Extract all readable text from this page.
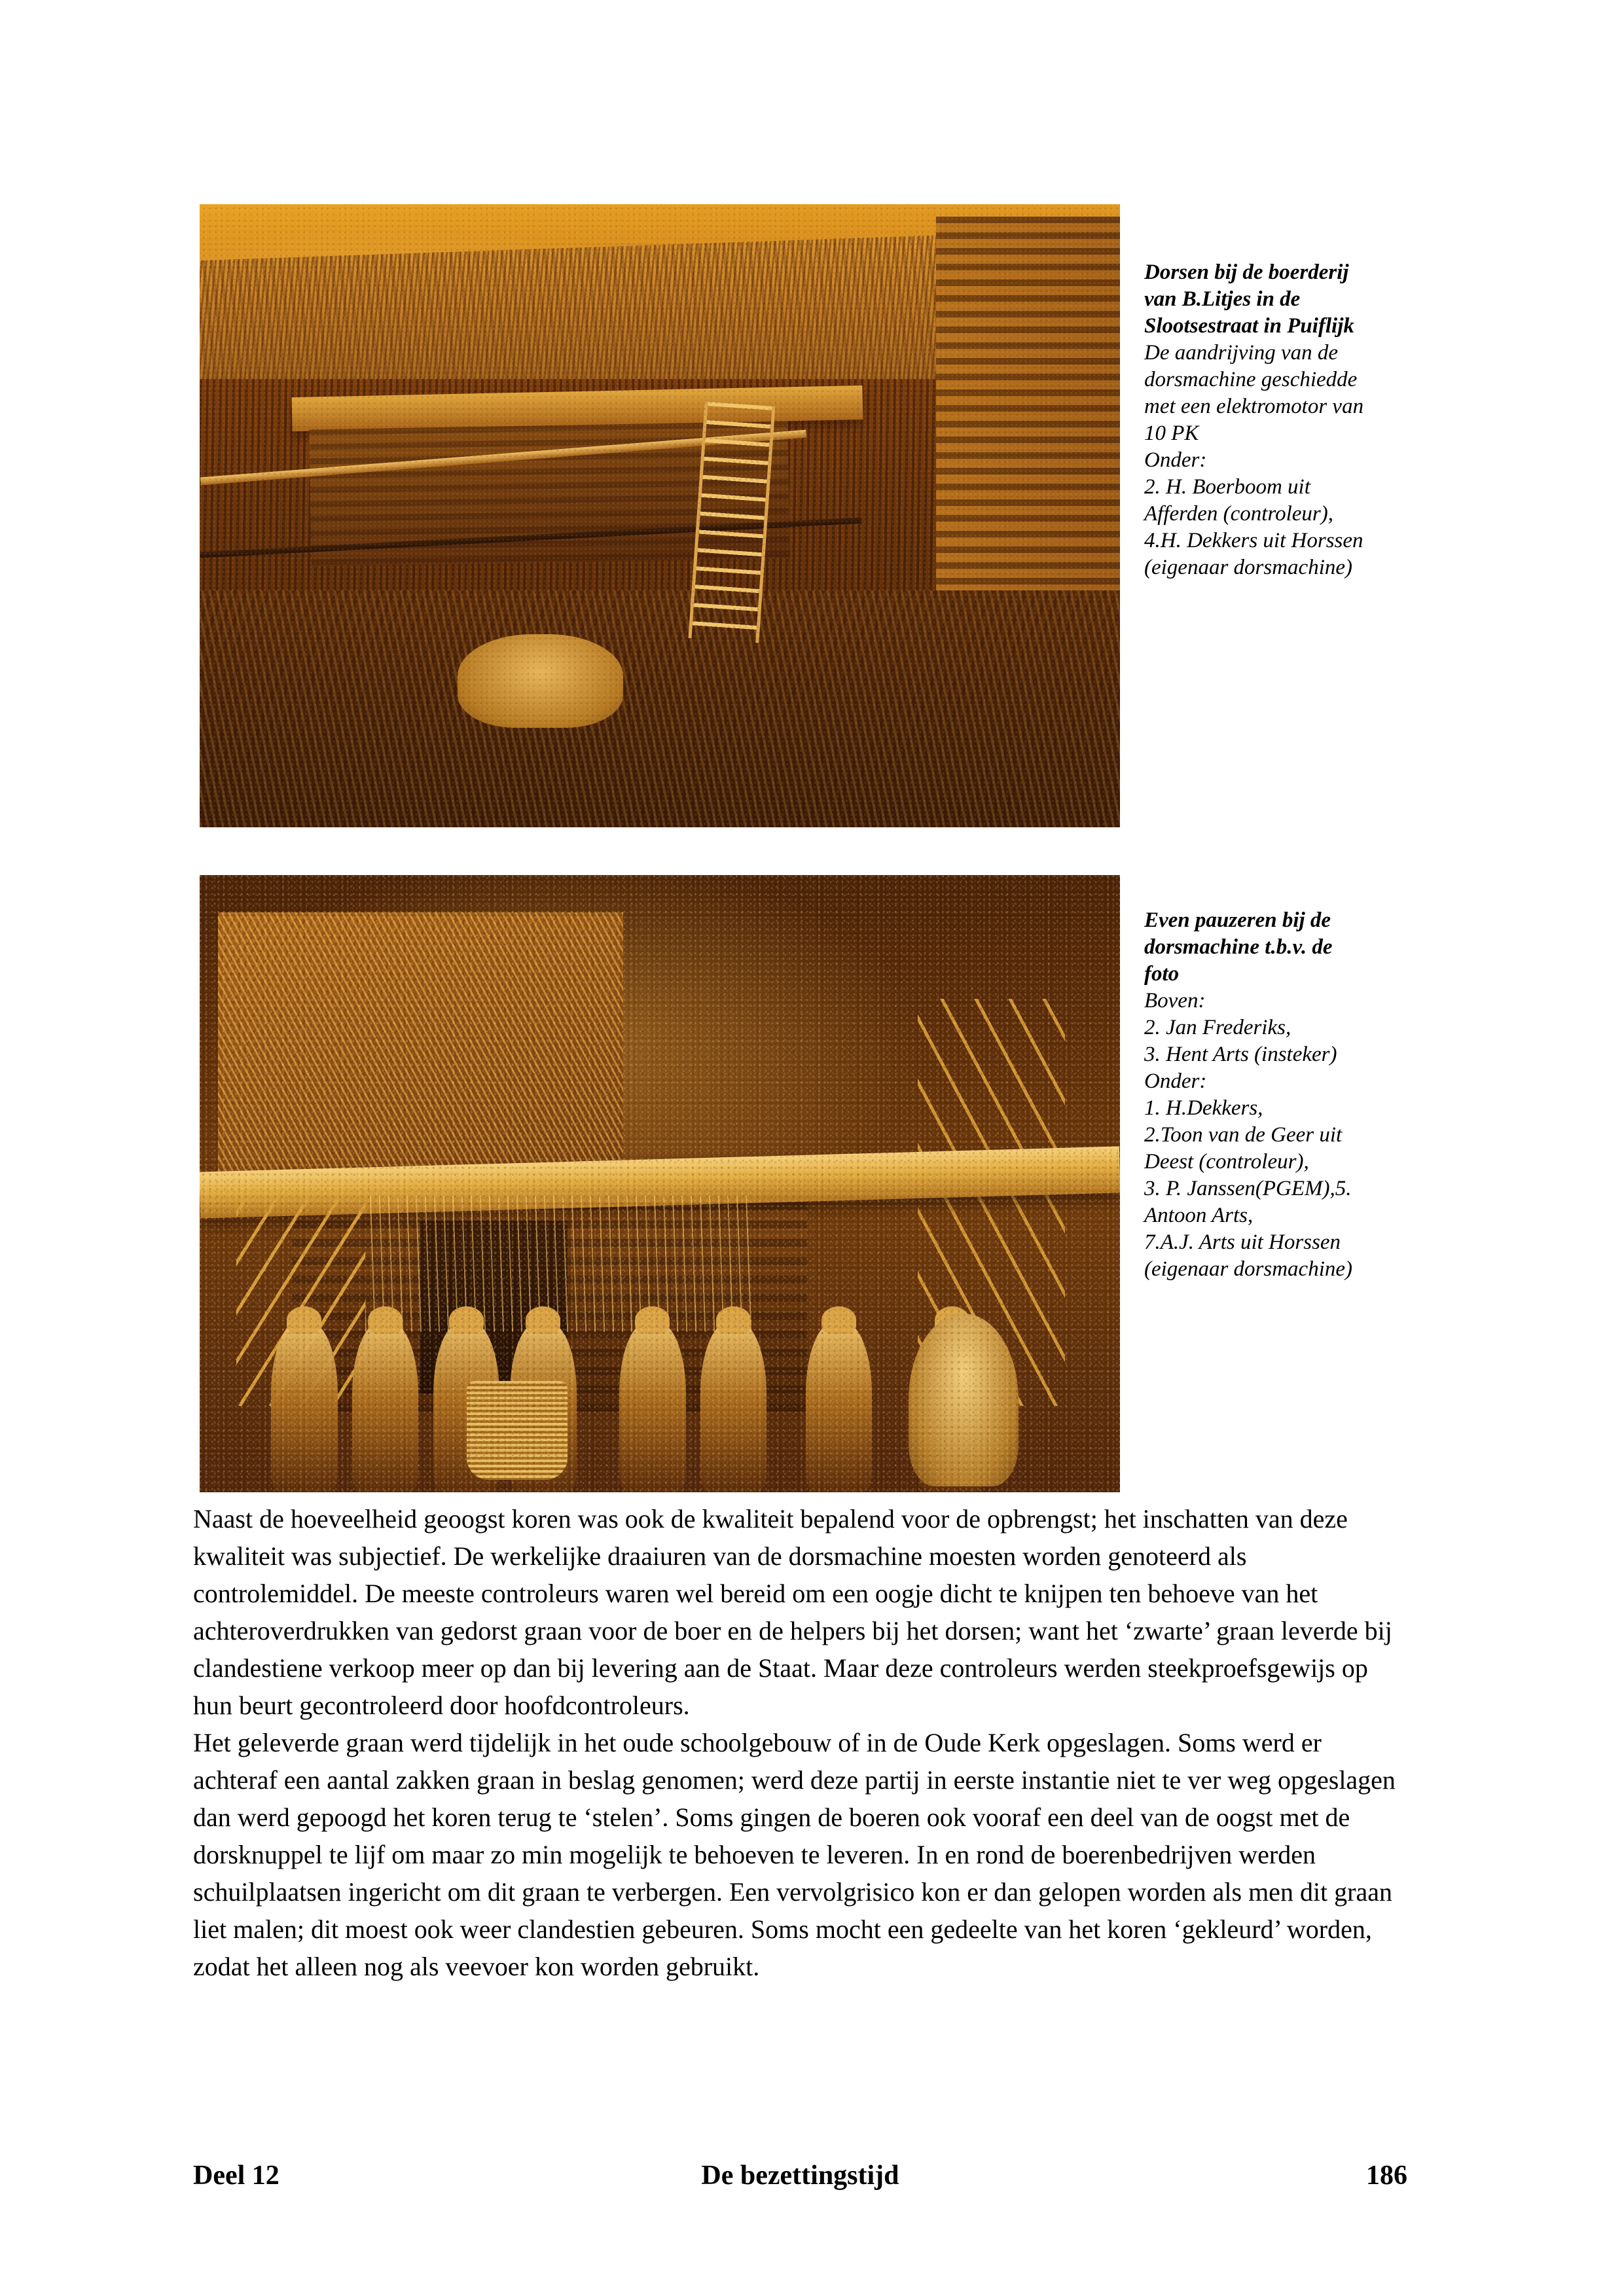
Dorsen bij de boerderij
van B.Litjes in de
Slootsestraat in Puiflijk
De aandrijving van de
dorsmachine geschiedde
met een elektromotor van
10 PK
Onder:
2. H. Boerboom uit
Afferden (controleur),
4.H. Dekkers uit Horssen
(eigenaar dorsmachine)
Even pauzeren bij de
dorsmachine t.b.v. de
foto
Boven:
2. Jan Frederiks,
3. Hent Arts (insteker)
Onder:
1. H.Dekkers,
2.Toon van de Geer uit
Deest (controleur),
3. P. Janssen(PGEM),5.
Antoon Arts,
7.A.J. Arts uit Horssen
(eigenaar dorsmachine)

Naast de hoeveelheid geoogst koren was ook de kwaliteit bepalend voor de opbrengst; het inschatten van deze kwaliteit was subjectief. De werkelijke draaiuren van de dorsmachine moesten worden genoteerd als controlemiddel. De meeste controleurs waren wel bereid om een oogje dicht te knijpen ten behoeve van het achteroverdrukken van gedorst graan voor de boer en de helpers bij het dorsen; want het ‘zwarte’ graan leverde bij clandestiene verkoop meer op dan bij levering aan de Staat. Maar deze controleurs werden steekproefsgewijs op hun beurt gecontroleerd door hoofdcontroleurs.

Het geleverde graan werd tijdelijk in het oude schoolgebouw of in de Oude Kerk opgeslagen. Soms werd er achteraf een aantal zakken graan in beslag genomen; werd deze partij in eerste instantie niet te ver weg opgeslagen dan werd gepoogd het koren terug te ‘stelen’. Soms gingen de boeren ook vooraf een deel van de oogst met de dorsknuppel te lijf om maar zo min mogelijk te behoeven te leveren. In en rond de boerenbedrijven werden schuilplaatsen ingericht om dit graan te verbergen. Een vervolgrisico kon er dan gelopen worden als men dit graan liet malen; dit moest ook weer clandestien gebeuren. Soms mocht een gedeelte van het koren ‘gekleurd’ worden, zodat het alleen nog als veevoer kon worden gebruikt.

Deel 12	De bezettingstijd	186
